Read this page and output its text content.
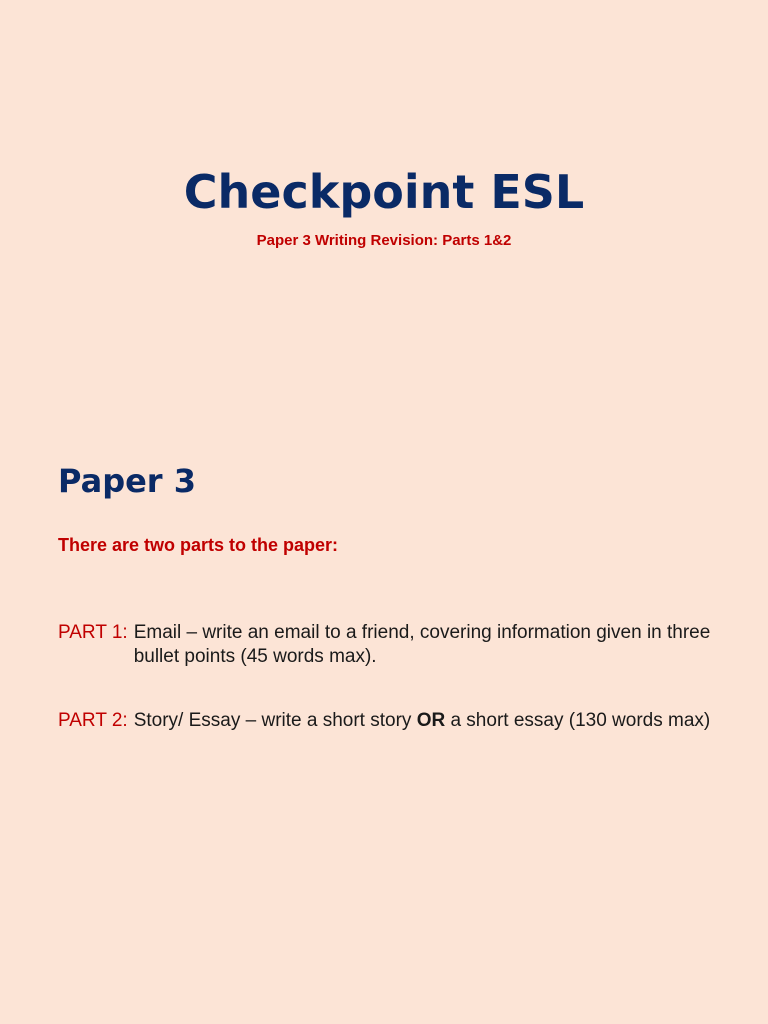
Checkpoint ESL
Paper 3 Writing Revision: Parts 1&2
Paper 3
There are two parts to the paper:
PART 1: Email – write an email to a friend, covering information given in three bullet points (45 words max).
PART 2: Story/ Essay – write a short story OR a short essay (130 words max)
